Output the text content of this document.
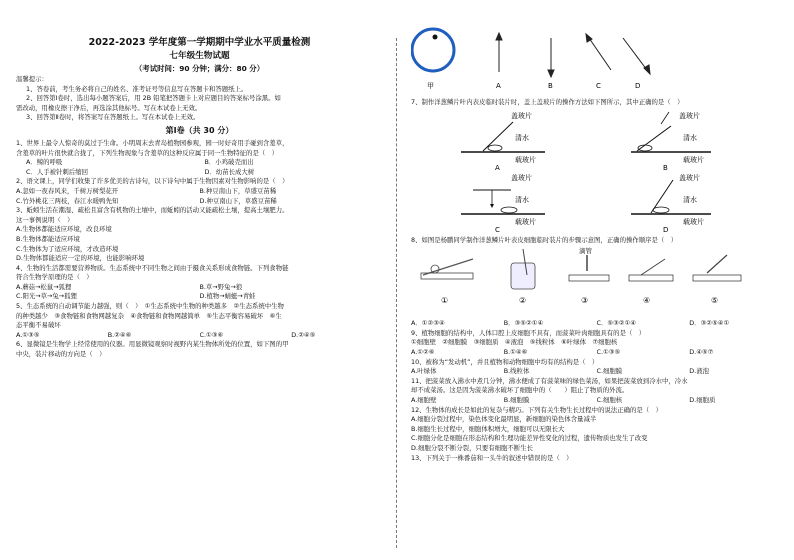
2022-2023 学年度第一学期期中学业水平质量检测
七年级生物试题
（考试时间：90 分钟；满分：80 分）
温馨提示：
1、答卷前，考生务必将自己的姓名、准考证号等信息写在答题卡和答题纸上。
2、回答第Ⅰ卷时，选出每小题答案后，用 2B 铅笔把答题卡上对应题目的答案标号涂黑。如
需改动，用橡皮擦干净后，再选涂其他标号。写在本试卷上无效。
3、回答第Ⅱ卷时，将答案写在答题纸上。写在本试卷上无效。
第Ⅰ卷（共 30 分）
1、世界上最令人惊奇的莫过于生命。小明周末去青岛植物园参观，园一时好奇用手碰到含羞草，
含羞草的叶片很快就合拢了，下列生物现象与含羞草的这种反应属于同一生物特征的是（　）
A．鲸的呼吸	B．小鸡破壳而出
C．人手被针刺后缩回	D．幼苗长成大树
2、语文课上，同学们收集了许多优美的古诗句，以下诗句中属于生物因素对生物影响的是（　）
A.忽如一夜春风来，千树万树梨花开	B.种豆南山下，草盛豆苗稀
C.竹外桃花三两枝，春江水暖鸭先知	D.种豆南山下，草盛豆苗稀
3、蚯蚓生活在潮湿、疏松且富含有机物的土壤中，而蚯蚓的活动又能疏松土壤，提高土壤肥力。
这一事例说明（　）
A.生物体都能适应环境，改良环境
B.生物体都能适应环境
C.生物体为了适应环境，才改造环境
D.生物体都能适应一定的环境，也能影响环境
4、生物的生活都需要营养物质。生态系统中不同生物之间由于摄食关系形成食物链。下列食物链
符合生物学原理的是（　）
A.蘑菇→松鼠→狐狸	B.草→野兔→狼
C.阳光→草→兔→狐狸	D.植物→蜻蜓→青蛙
5、生态系统的自动调节能力越强，则（　）　①生态系统中生物的种类越多　②生态系统中生物
的种类越少　③食物链和食物网越复杂　④食物链和食物网越简单　⑤生态平衡容易破坏　⑥生
态平衡不易破坏
A.①③⑤	B.②④⑥	C.①③⑥	D.②④⑤
6、显微镜是生物学上经常使用的仪器。用显微镜观察时视野内某生物体所处的位置，如下图的甲
中央，装片移动的方向是（　）
甲	A	B	C	D
7、制作洋葱鳞片叶内表皮临时装片时，盖上盖玻片的操作方法如下图所示，其中正确的是（　）
盖玻片
清水
载玻片
A
盖玻片
清水
载玻片
B
盖玻片
清水
载玻片
C
盖玻片
清水
载玻片
D
8、如图是杨鹏同学制作洋葱鳞片叶表皮细胞临时装片的步骤示意图，正确的操作顺序是（　）
①	②
滴管
③	④	⑤
A．①②③④	B．③⑤②①④	C．⑤③②①④	D．③②⑤④①
9、植物细胞的结构中，人体口腔上皮细胞不具有，而菠菜叶肉细胞具有的是（　）
①细胞壁　②细胞膜　③细胞质　④液泡　⑤线粒体　⑥叶绿体　⑦细胞核
A.①②⑥	B.①④⑥	C.①③⑤	D.④⑤⑦
10、被称为“发动机”，并且植物和动物细胞中均有的结构是（　）
A.叶绿体	B.线粒体	C.细胞膜	D.液泡
11、把菠菜放入沸水中煮几分钟，沸水便成了有菠菜味的绿色菜汤，如果把菠菜放到冷水中，冷水
却不成菜汤。这是因为菠菜沸水破坏了细胞中的（　　）阻止了物质的外流。
A.细胞壁	B.细胞膜	C.细胞核	D.细胞质
12、生物体的成长是如此的复杂与精巧。下列有关生物生长过程中的说法正确的是（　）
A.细胞分裂过程中，染色体变化最明显，新细胞的染色体含量减半
B.细胞生长过程中，细胞体积增大，细胞可以无限长大
C.细胞分化是细胞在形态结构和生理功能差异性变化的过程，遗传物质也发生了改变
D.细胞分裂不断分裂，只要有细胞不断生长
13、下列关于一株番茄和一头牛的叙述中错误的是（　）
